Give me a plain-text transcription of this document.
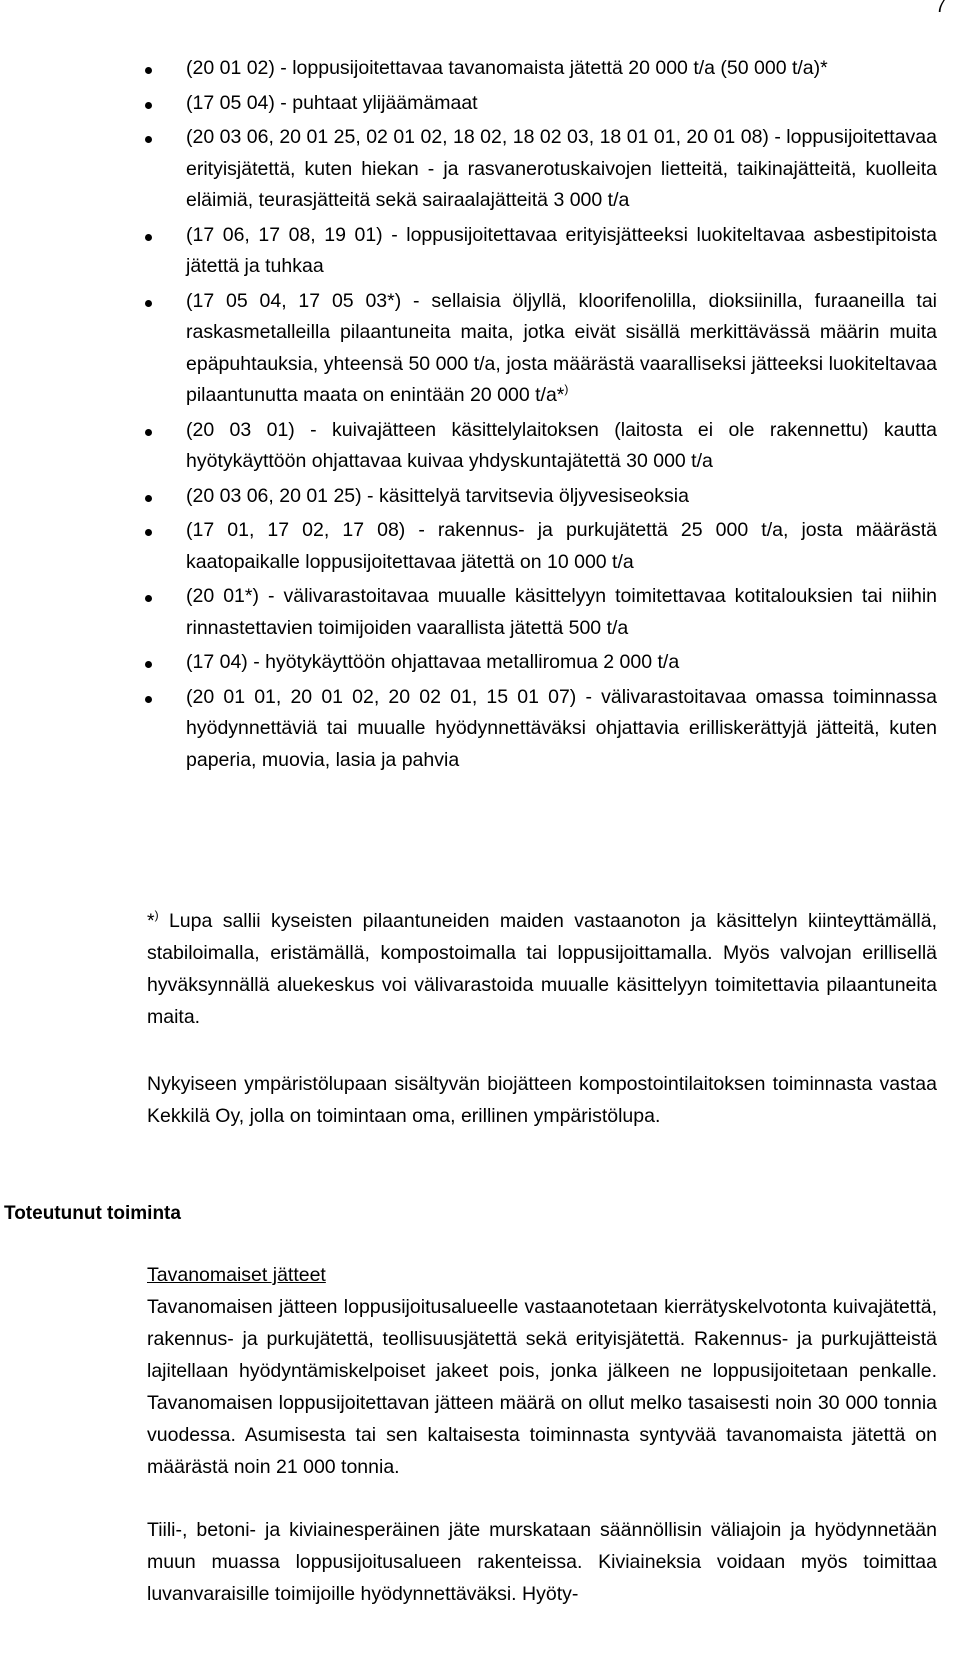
7
(20 01 02) - loppusijoitettavaa tavanomaista jätettä 20 000 t/a (50 000 t/a)*
(17 05 04) - puhtaat ylijäämämaat
(20 03 06, 20 01 25, 02 01 02, 18 02, 18 02 03, 18 01 01, 20 01 08) - loppusijoitettavaa erityisjätettä, kuten hiekan - ja rasvanerotuskaivojen lietteitä, taikinajätteitä, kuolleita eläimiä, teurasjätteitä sekä sairaalajätteitä 3 000 t/a
(17 06, 17 08, 19 01) - loppusijoitettavaa erityisjätteeksi luokiteltavaa asbestipitoista jätettä ja tuhkaa
(17 05 04, 17 05 03*) - sellaisia öljyllä, kloorifenolilla, dioksiinilla, furaaneilla tai raskasmetalleilla pilaantuneita maita, jotka eivät sisällä merkittävässä määrin muita epäpuhtauksia, yhteensä 50 000 t/a, josta määrästä vaaralliseksi jätteeksi luokiteltavaa pilaantunutta maata on enintään 20 000 t/a*)
(20 03 01) - kuivajätteen käsittelylaitoksen (laitosta ei ole rakennettu) kautta hyötykäyttöön ohjattavaa kuivaa yhdyskuntajätettä 30 000 t/a
(20 03 06, 20 01 25) - käsittelyä tarvitsevia öljyvesiseoksia
(17 01, 17 02, 17 08) - rakennus- ja purkujätettä 25 000 t/a, josta määrästä kaatopaikalle loppusijoitettavaa jätettä on 10 000 t/a
(20 01*) - välivarastoitavaa muualle käsittelyyn toimitettavaa kotitalouksien tai niihin rinnastettavien toimijoiden vaarallista jätettä 500 t/a
(17 04) - hyötykäyttöön ohjattavaa metalliromua 2 000 t/a
(20 01 01, 20 01 02, 20 02 01, 15 01 07) - välivarastoitavaa omassa toiminnassa hyödynnettäviä tai muualle hyödynnettäväksi ohjattavia erilliskerättyjä jätteitä, kuten paperia, muovia, lasia ja pahvia

*) Lupa sallii kyseisten pilaantuneiden maiden vastaanoton ja käsittelyn kiinteyttämällä, stabiloimalla, eristämällä, kompostoimalla tai loppusijoittamalla. Myös valvojan erillisellä hyväksynnällä aluekeskus voi välivarastoida muualle käsittelyyn toimitettavia pilaantuneita maita.

Nykyiseen ympäristölupaan sisältyvän biojätteen kompostointilaitoksen toiminnasta vastaa Kekkilä Oy, jolla on toimintaan oma, erillinen ympäristölupa.

Toteutunut toiminta
Tavanomaiset jätteet

Tavanomaisen jätteen loppusijoitusalueelle vastaanotetaan kierrätyskelvotonta kuivajätettä, rakennus- ja purkujätettä, teollisuusjätettä sekä erityisjätettä. Rakennus- ja purkujätteistä lajitellaan hyödyntämiskelpoiset jakeet pois, jonka jälkeen ne loppusijoitetaan penkalle. Tavanomaisen loppusijoitettavan jätteen määrä on ollut melko tasaisesti noin 30 000 tonnia vuodessa. Asumisesta tai sen kaltaisesta toiminnasta syntyvää tavanomaista jätettä on määrästä noin 21 000 tonnia.

Tiili-, betoni- ja kiviainesperäinen jäte murskataan säännöllisin väliajoin ja hyödynnetään muun muassa loppusijoitusalueen rakenteissa. Kiviaineksia voidaan myös toimittaa luvanvaraisille toimijoille hyödynnettäväksi. Hyöty-
